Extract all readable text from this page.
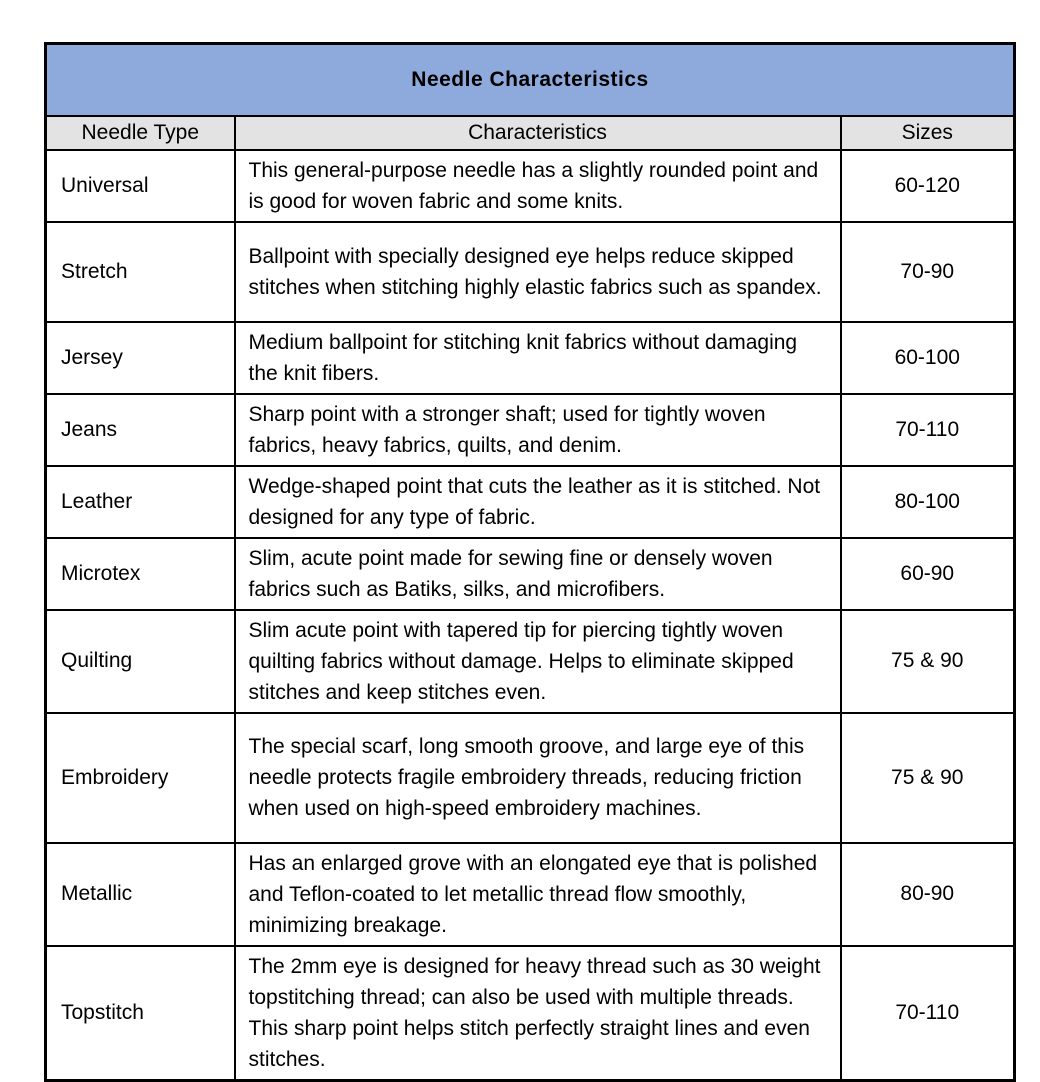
Needle Characteristics		
Needle Type	Characteristics	Sizes
Universal	This general-purpose needle has a slightly rounded point and is good for woven fabric and some knits.	60-120
Stretch	Ballpoint with specially designed eye helps reduce skipped stitches when stitching highly elastic fabrics such as spandex.	70-90
Jersey	Medium ballpoint for stitching knit fabrics without damaging the knit fibers.	60-100
Jeans	Sharp point with a stronger shaft; used for tightly woven fabrics, heavy fabrics, quilts, and denim.	70-110
Leather	Wedge-shaped point that cuts the leather as it is stitched. Not designed for any type of fabric.	80-100
Microtex	Slim, acute point made for sewing fine or densely woven fabrics such as Batiks, silks, and microfibers.	60-90
Quilting	Slim acute point with tapered tip for piercing tightly woven quilting fabrics without damage. Helps to eliminate skipped stitches and keep stitches even.	75 & 90
Embroidery	The special scarf, long smooth groove, and large eye of this needle protects fragile embroidery threads, reducing friction when used on high-speed embroidery machines.	75 & 90
Metallic	Has an enlarged grove with an elongated eye that is polished and Teflon-coated to let metallic thread flow smoothly, minimizing breakage.	80-90
Topstitch	The 2mm eye is designed for heavy thread such as 30 weight topstitching thread; can also be used with multiple threads. This sharp point helps stitch perfectly straight lines and even stitches.	70-110
